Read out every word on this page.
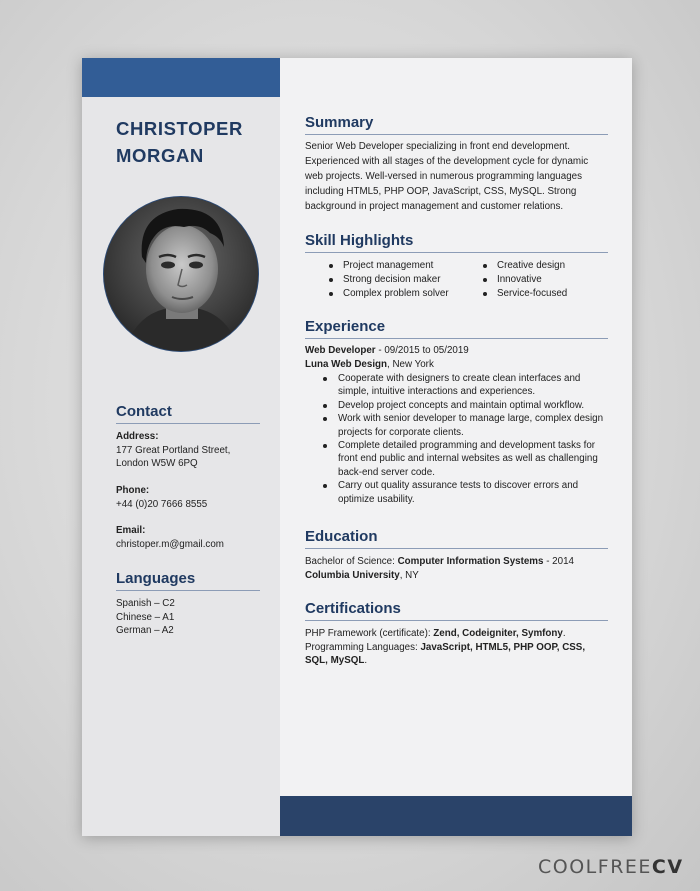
CHRISTOPER
MORGAN
Contact
Address:
177 Great Portland Street,
London W5W 6PQ
Phone:
+44 (0)20 7666 8555
Email:
christoper.m@gmail.com
Languages
Spanish – C2
Chinese – A1
German – A2
Summary
Senior Web Developer specializing in front end development. Experienced with all stages of the development cycle for dynamic web projects. Well-versed in numerous programming languages including HTML5, PHP OOP, JavaScript, CSS, MySQL. Strong background in project management and customer relations.
Skill Highlights
Project management
Strong decision maker
Complex problem solver
Creative design
Innovative
Service-focused
Experience
Web Developer - 09/2015 to 05/2019
Luna Web Design, New York
Cooperate with designers to create clean interfaces and simple, intuitive interactions and experiences.
Develop project concepts and maintain optimal workflow.
Work with senior developer to manage large, complex design projects for corporate clients.
Complete detailed programming and development tasks for front end public and internal websites as well as challenging back-end server code.
Carry out quality assurance tests to discover errors and optimize usability.
Education
Bachelor of Science: Computer Information Systems - 2014
Columbia University, NY
Certifications
PHP Framework (certificate): Zend, Codeigniter, Symfony.
Programming Languages: JavaScript, HTML5, PHP OOP, CSS, SQL, MySQL.
COOLFREECV
